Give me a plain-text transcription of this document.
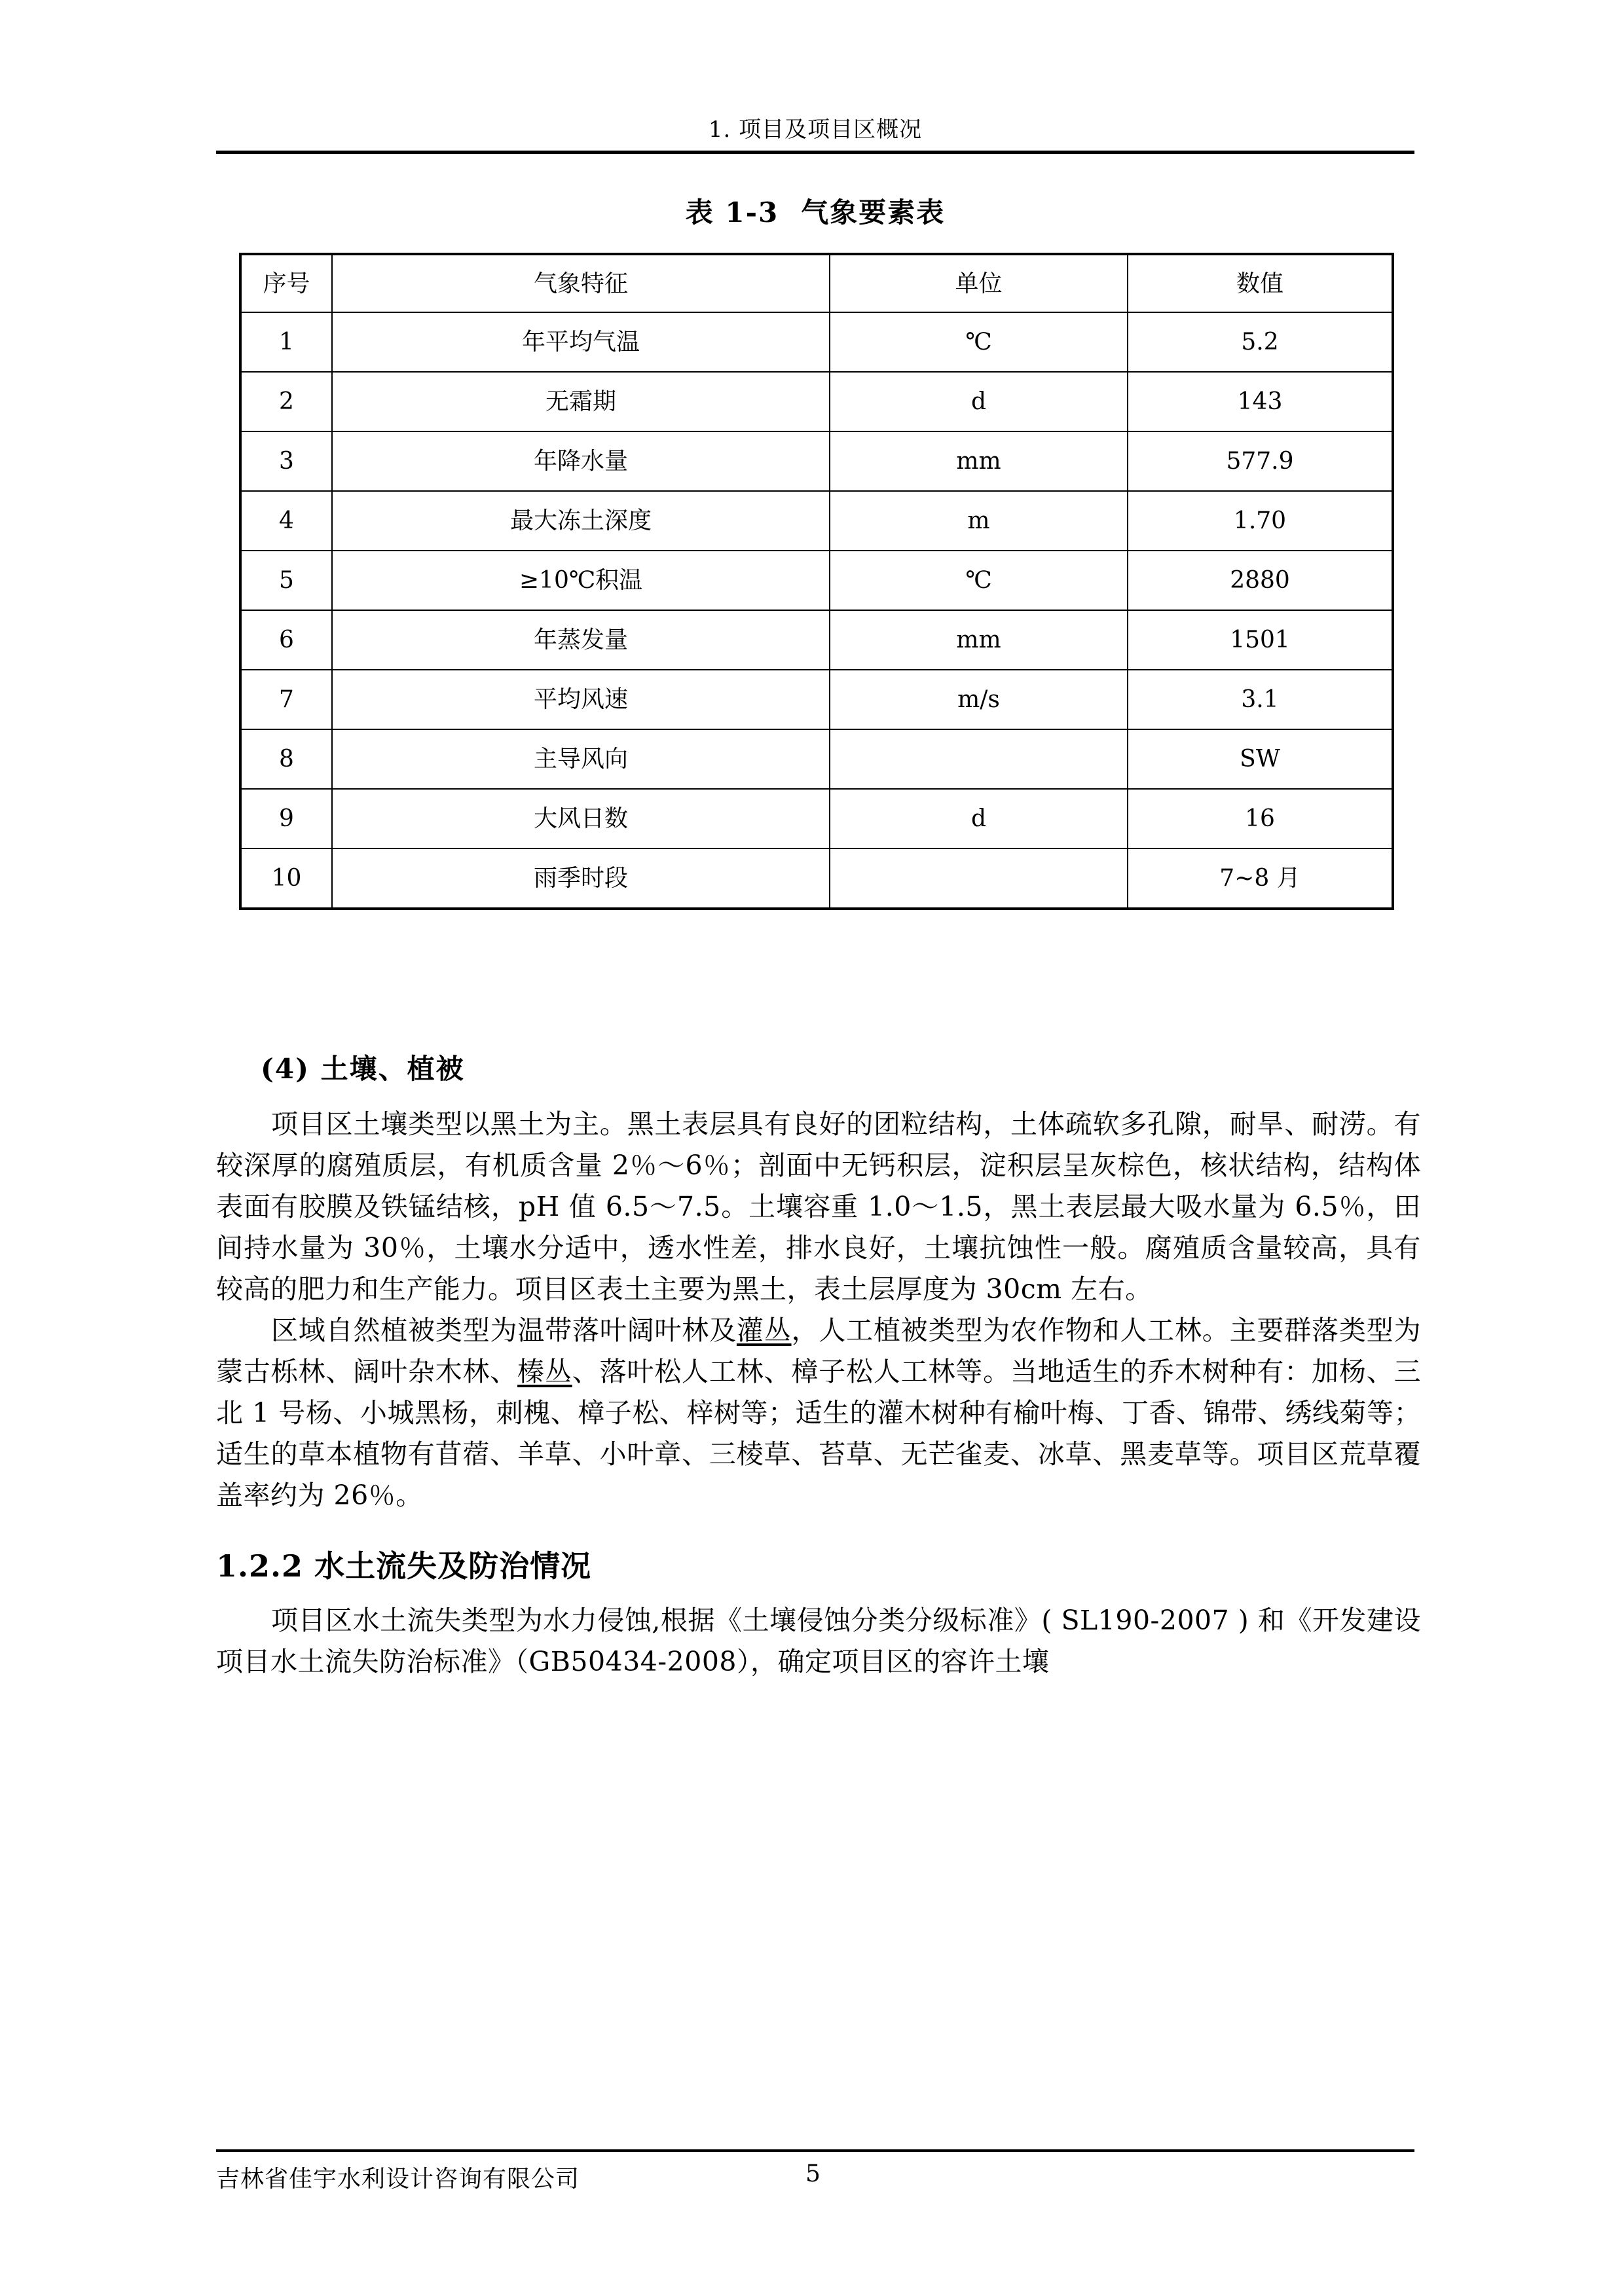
1. 项目及项目区概况
表 1-3 气象要素表
序号	气象特征	单位	数值
1	年平均气温	℃	5.2
2	无霜期	d	143
3	年降水量	mm	577.9
4	最大冻土深度	m	1.70
5	≥10℃积温	℃	2880
6	年蒸发量	mm	1501
7	平均风速	m/s	3.1
8	主导风向		SW
9	大风日数	d	16
10	雨季时段		7~8 月
(4) 土壤、植被

项目区土壤类型以黑土为主。黑土表层具有良好的团粒结构，土体疏软多孔隙，耐旱、耐涝。有较深厚的腐殖质层，有机质含量 2％～6％；剖面中无钙积层，淀积层呈灰棕色，核状结构，结构体表面有胶膜及铁锰结核，pH 值 6.5～7.5。土壤容重 1.0～1.5，黑土表层最大吸水量为 6.5％，田间持水量为 30％，土壤水分适中，透水性差，排水良好，土壤抗蚀性一般。腐殖质含量较高，具有较高的肥力和生产能力。项目区表土主要为黑土，表土层厚度为 30cm 左右。

区域自然植被类型为温带落叶阔叶林及灌丛，人工植被类型为农作物和人工林。主要群落类型为蒙古栎林、阔叶杂木林、榛丛、落叶松人工林、樟子松人工林等。当地适生的乔木树种有：加杨、三北 1 号杨、小城黑杨，刺槐、樟子松、梓树等；适生的灌木树种有榆叶梅、丁香、锦带、绣线菊等；适生的草本植物有苜蓿、羊草、小叶章、三棱草、苔草、无芒雀麦、冰草、黑麦草等。项目区荒草覆盖率约为 26％。

1.2.2 水土流失及防治情况

项目区水土流失类型为水力侵蚀,根据《土壤侵蚀分类分级标准》( SL190-2007 ) 和《开发建设项目水土流失防治标准》（GB50434-2008），确定项目区的容许土壤

吉林省佳宇水利设计咨询有限公司	5
